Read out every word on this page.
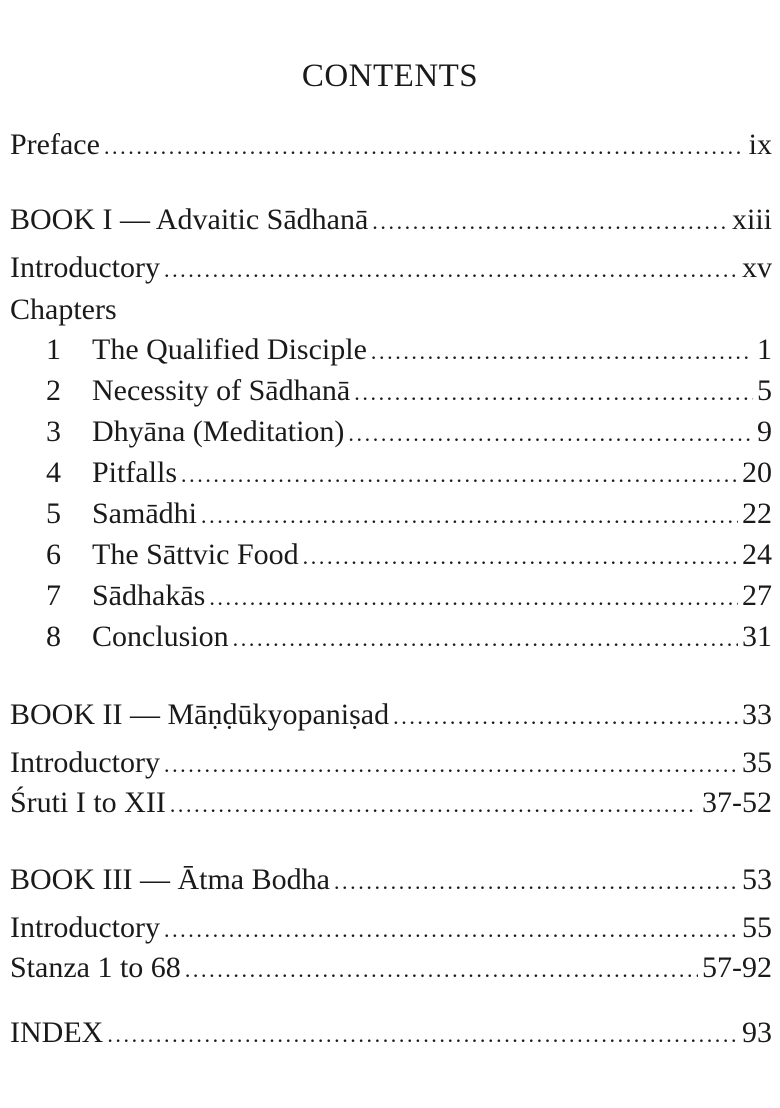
CONTENTS
Preface .....	ix
BOOK I — Advaitic Sādhanā .....	xiii
Introductory .....	xv
Chapters
1	The Qualified Disciple .....	1
2	Necessity of Sādhanā .....	5
3	Dhyāna (Meditation) .....	9
4	Pitfalls .....	20
5	Samādhi .....	22
6	The Sāttvic Food .....	24
7	Sādhakās .....	27
8	Conclusion .....	31
BOOK II — Māṇḍūkyopaniṣad .....	33
Introductory .....	35
Śruti I to XII .....	37-52
BOOK III — Ātma Bodha .....	53
Introductory .....	55
Stanza 1 to 68 .....	57-92
INDEX .....	93
